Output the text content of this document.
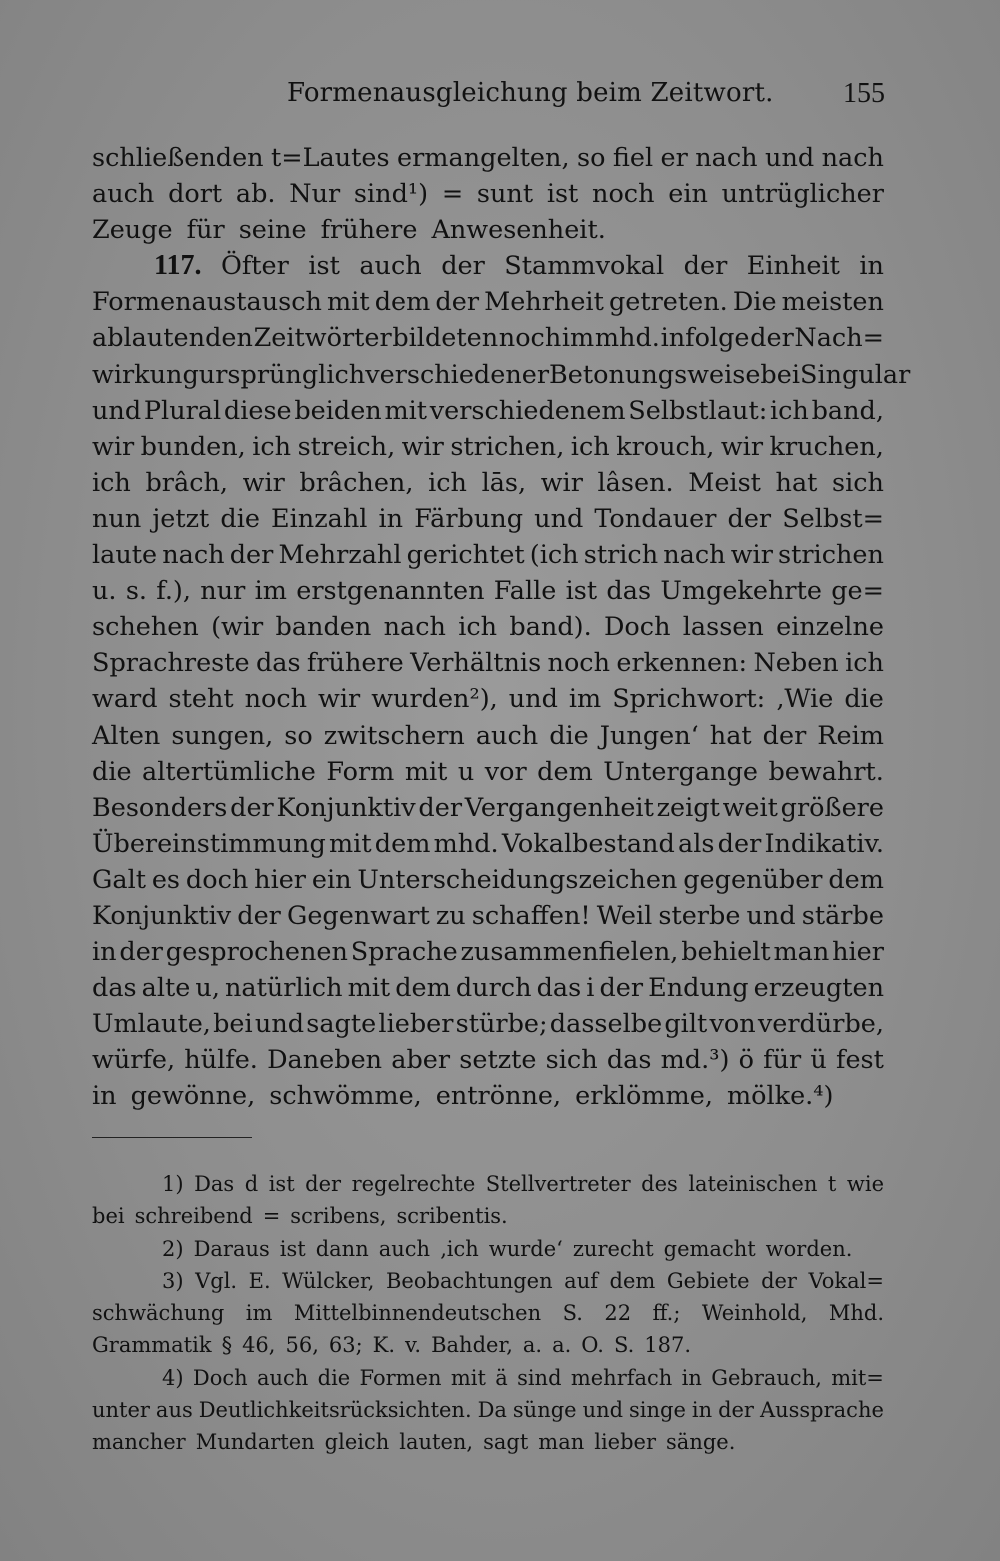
Formenausgleichung beim Zeitwort. 155
schließenden t=Lautes ermangelten, so fiel er nach und nach
auch dort ab. Nur sind¹) = sunt ist noch ein untrüglicher
Zeuge für seine frühere Anwesenheit.
117. Öfter ist auch der Stammvokal der Einheit in
Formenaustausch mit dem der Mehrheit getreten. Die meisten
ablautenden Zeitwörter bildeten noch im mhd. infolge der Nach=
wirkung ursprünglich verschiedener Betonungsweise bei Singular
und Plural diese beiden mit verschiedenem Selbstlaut: ich band,
wir bunden, ich streich, wir strichen, ich krouch, wir kruchen,
ich brâch, wir brâchen, ich lās, wir lâsen. Meist hat sich
nun jetzt die Einzahl in Färbung und Tondauer der Selbst=
laute nach der Mehrzahl gerichtet (ich strich nach wir strichen
u. s. f.), nur im erstgenannten Falle ist das Umgekehrte ge=
schehen (wir banden nach ich band). Doch lassen einzelne
Sprachreste das frühere Verhältnis noch erkennen: Neben ich
ward steht noch wir wurden²), und im Sprichwort: ‚Wie die
Alten sungen, so zwitschern auch die Jungen‘ hat der Reim
die altertümliche Form mit u vor dem Untergange bewahrt.
Besonders der Konjunktiv der Vergangenheit zeigt weit größere
Übereinstimmung mit dem mhd. Vokalbestand als der Indikativ.
Galt es doch hier ein Unterscheidungszeichen gegenüber dem
Konjunktiv der Gegenwart zu schaffen! Weil sterbe und stärbe
in der gesprochenen Sprache zusammenfielen, behielt man hier
das alte u, natürlich mit dem durch das i der Endung erzeugten
Umlaute, bei und sagte lieber stürbe; dasselbe gilt von verdürbe,
würfe, hülfe. Daneben aber setzte sich das md.³) ö für ü fest
in gewönne, schwömme, entrönne, erklömme, mölke.⁴)
1) Das d ist der regelrechte Stellvertreter des lateinischen t wie
bei schreibend = scribens, scribentis.
2) Daraus ist dann auch ‚ich wurde‘ zurecht gemacht worden.
3) Vgl. E. Wülcker, Beobachtungen auf dem Gebiete der Vokal=
schwächung im Mittelbinnendeutschen S. 22 ff.; Weinhold, Mhd.
Grammatik § 46, 56, 63; K. v. Bahder, a. a. O. S. 187.
4) Doch auch die Formen mit ä sind mehrfach in Gebrauch, mit=
unter aus Deutlichkeitsrücksichten. Da sünge und singe in der Aussprache
mancher Mundarten gleich lauten, sagt man lieber sänge.
